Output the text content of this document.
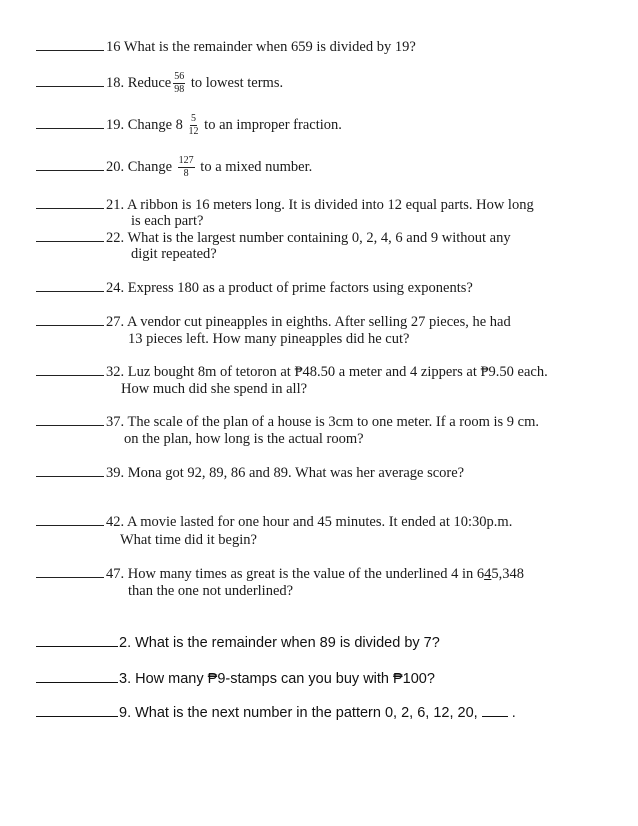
16 What is the remainder when 659 is divided by 19?
18. Reduce $\frac{56}{98}$ to lowest terms.
19. Change $8 \frac{5}{12}$ to an improper fraction.
20. Change $\frac{127}{8}$ to a mixed number.
21. A ribbon is 16 meters long. It is divided into 12 equal parts. How long
is each part?
22. What is the largest number containing 0, 2, 4, 6 and 9 without any
digit repeated?
24. Express 180 as a product of prime factors using exponents?
27. A vendor cut pineapples in eighths. After selling 27 pieces, he had
13 pieces left. How many pineapples did he cut?
32. Luz bought 8m of tetoron at ₱48.50 a meter and 4 zippers at ₱9.50 each.
How much did she spend in all?
37. The scale of the plan of a house is 3cm to one meter. If a room is 9 cm.
on the plan, how long is the actual room?
39. Mona got 92, 89, 86 and 89. What was her average score?
42. A movie lasted for one hour and 45 minutes. It ended at 10:30p.m.
What time did it begin?
47. How many times as great is the value of the underlined 4 in 645,348
than the one not underlined?
2. What is the remainder when 89 is divided by 7?
3. How many ₱9-stamps can you buy with ₱100?
9. What is the next number in the pattern 0, 2, 6, 12, 20, .
